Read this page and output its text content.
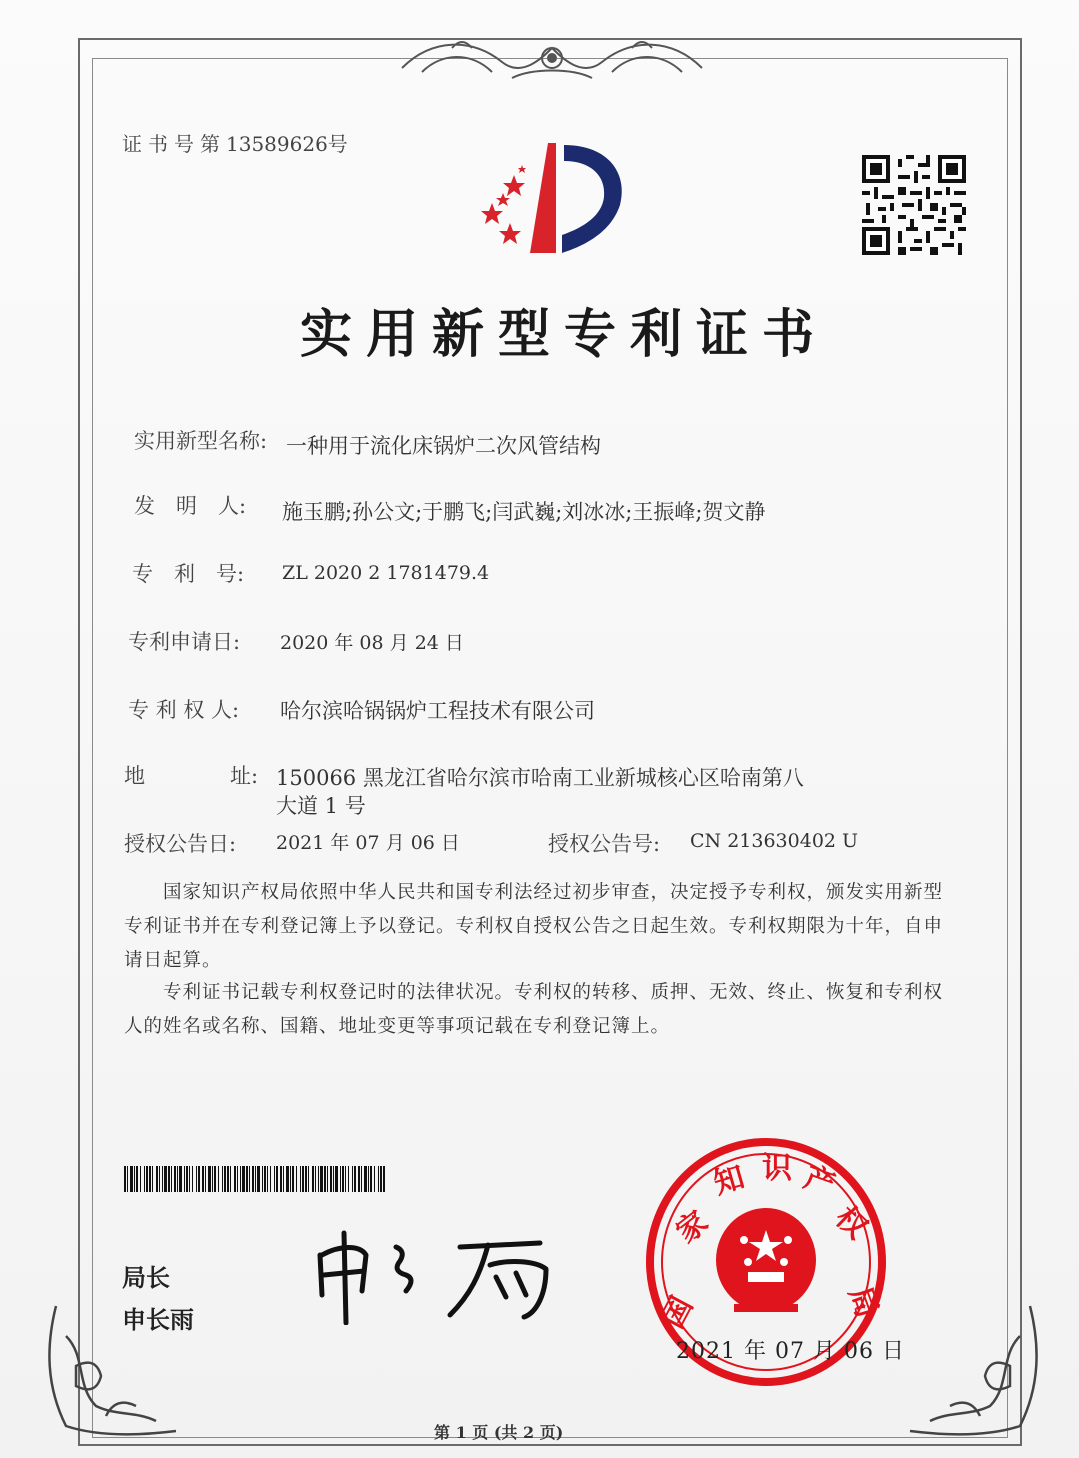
证书号第13589626号
实用新型专利证书
实用新型名称: 一种用于流化床锅炉二次风管结构
发　明　人: 施玉鹏;孙公文;于鹏飞;闫武巍;刘冰冰;王振峰;贺文静
专　利　号: ZL 2020 2 1781479.4
专利申请日: 2020 年 08 月 24 日
专 利 权 人: 哈尔滨哈锅锅炉工程技术有限公司
地	址: 150066 黑龙江省哈尔滨市哈南工业新城核心区哈南第八
大道 1 号
授权公告日: 2021 年 07 月 06 日	授权公告号: CN 213630402 U
　　国家知识产权局依照中华人民共和国专利法经过初步审查，决定授予专利权，颁发实用新型专利证书并在专利登记簿上予以登记。专利权自授权公告之日起生效。专利权期限为十年，自申请日起算。
　　专利证书记载专利权登记时的法律状况。专利权的转移、质押、无效、终止、恢复和专利权人的姓名或名称、国籍、地址变更等事项记载在专利登记簿上。
局长
申长雨	国
家
知 识 产
权
局
2021 年 07 月 06 日
第 1 页 (共 2 页)
